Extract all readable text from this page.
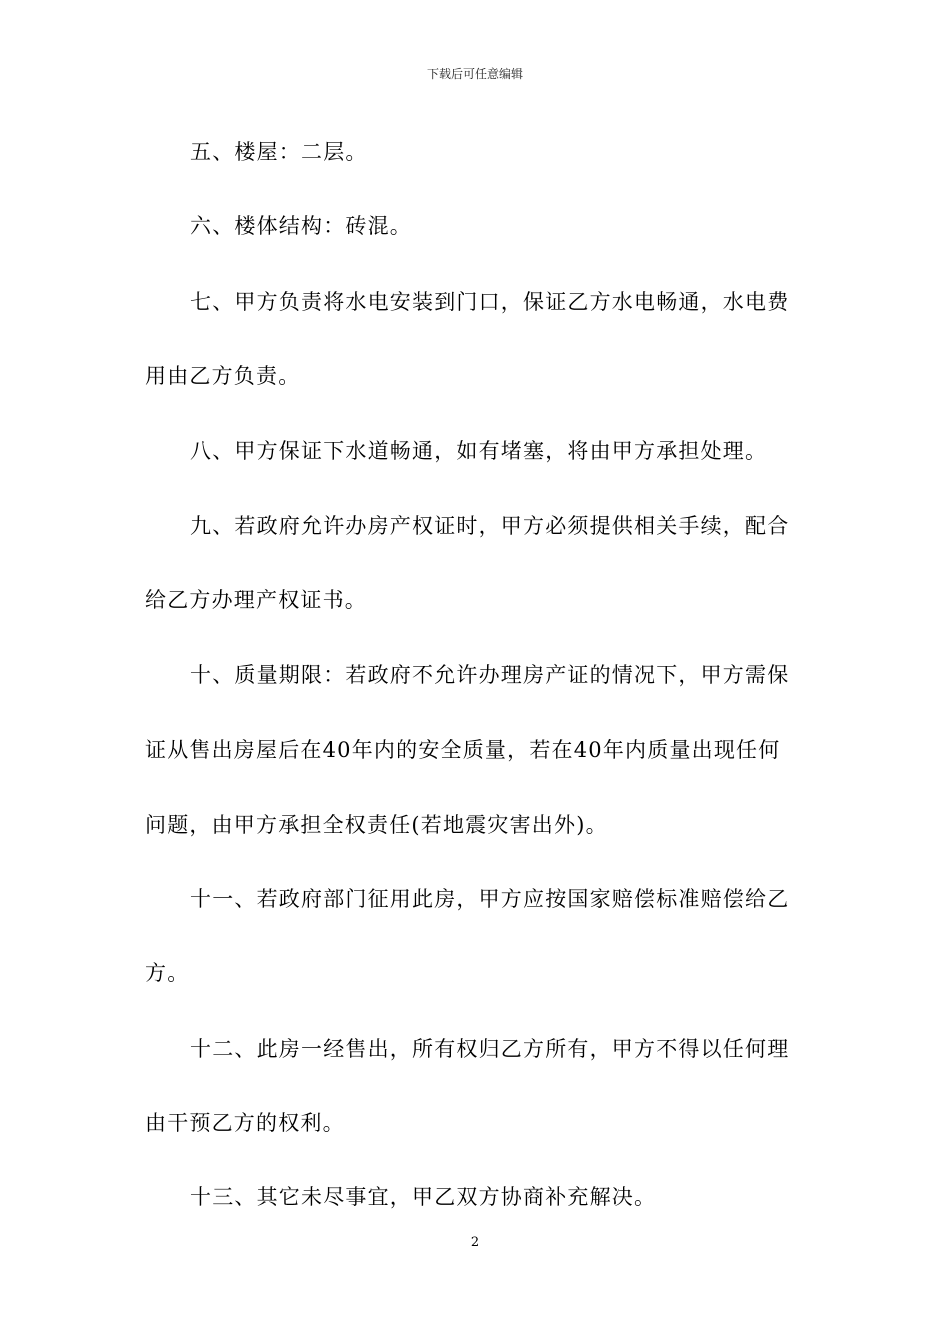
下载后可任意编辑
五、楼屋：二层。
六、楼体结构：砖混。
七、甲方负责将水电安装到门口，保证乙方水电畅通，水电费
用由乙方负责。
八、甲方保证下水道畅通，如有堵塞，将由甲方承担处理。
九、若政府允许办房产权证时，甲方必须提供相关手续，配合
给乙方办理产权证书。
十、质量期限：若政府不允许办理房产证的情况下，甲方需保
证从售出房屋后在40年内的安全质量，若在40年内质量出现任何
问题，由甲方承担全权责任(若地震灾害出外)。
十一、若政府部门征用此房，甲方应按国家赔偿标准赔偿给乙
方。
十二、此房一经售出，所有权归乙方所有，甲方不得以任何理
由干预乙方的权利。
十三、其它未尽事宜，甲乙双方协商补充解决。
2
